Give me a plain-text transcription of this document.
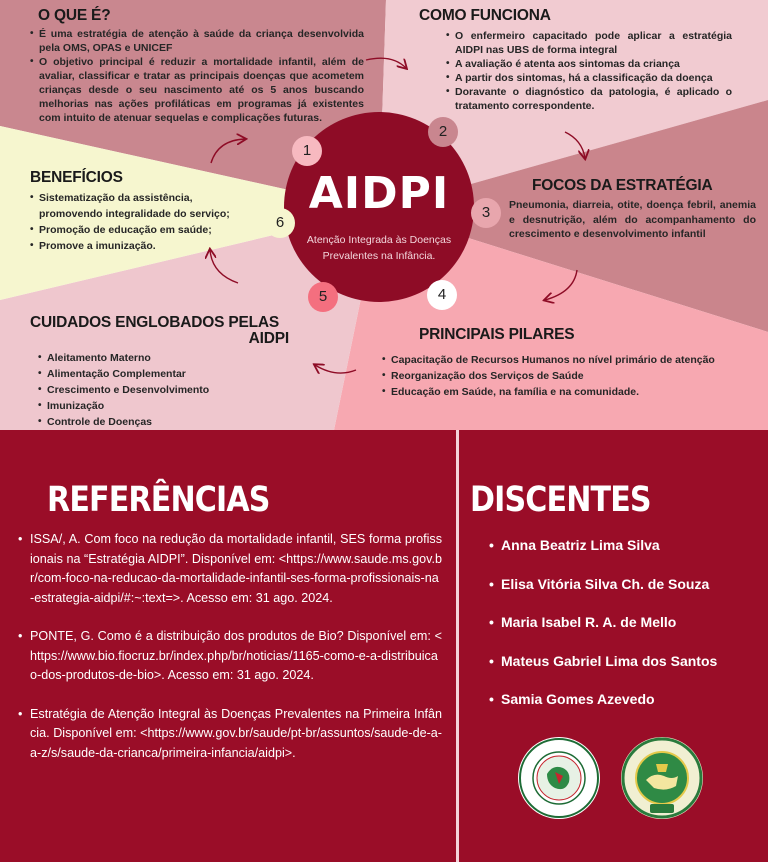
AIDPI
Atenção Integrada às Doenças
Prevalentes na Infância.
1
2
3
4
5
6
O QUE É?
• É uma estratégia de atenção à saúde da criança desenvolvida pela OMS, OPAS e UNICEF
• O objetivo principal é reduzir a mortalidade infantil, além de avaliar, classificar e tratar as principais doenças que acometem crianças desde o seu nascimento até os 5 anos buscando melhorias nas ações profiláticas em programas já existentes com intuito de atenuar sequelas e complicações futuras.
COMO FUNCIONA
• O enfermeiro capacitado pode aplicar a estratégia AIDPI nas UBS de forma integral
• A avaliação é atenta aos sintomas da criança
• A partir dos sintomas, há a classificação da doença
• Doravante o diagnóstico da patologia, é aplicado o tratamento correspondente.
FOCOS DA ESTRATÉGIA

Pneumonia, diarreia, otite, doença febril, anemia e desnutrição, além do acompanhamento do crescimento e desenvolvimento infantil

PRINCIPAIS PILARES
• Capacitação de Recursos Humanos no nível primário de atenção
• Reorganização dos Serviços de Saúde
• Educação em Saúde, na família e na comunidade.
CUIDADOS ENGLOBADOS PELAS
AIDPI
• Aleitamento Materno
• Alimentação Complementar
• Crescimento e Desenvolvimento
• Imunização
• Controle de Doenças
BENEFÍCIOS
• Sistematização da assistência, promovendo integralidade do serviço;
• Promoção de educação em saúde;
• Promove a imunização.
REFERÊNCIAS
• ISSA/, A. Com foco na redução da mortalidade infantil, SES forma profissionais na “Estratégia AIDPI”. Disponível em: <https://www.saude.ms.gov.br/com-foco-na-reducao-da-mortalidade-infantil-ses-forma-profissionais-na-estrategia-aidpi/#:~:text=>. Acesso em: 31 ago. 2024.
• PONTE, G. Como é a distribuição dos produtos de Bio? Disponível em: <https://www.bio.fiocruz.br/index.php/br/noticias/1165-como-e-a-distribuicao-dos-produtos-de-bio>. Acesso em: 31 ago. 2024.
• Estratégia de Atenção Integral às Doenças Prevalentes na Primeira Infância. Disponível em: <https://www.gov.br/saude/pt-br/assuntos/saude-de-a-a-z/s/saude-da-crianca/primeira-infancia/aidpi>.
DISCENTES
• Anna Beatriz Lima Silva
• Elisa Vitória Silva Ch. de Souza
• Maria Isabel R. A. de Mello
• Mateus Gabriel Lima dos Santos
• Samia Gomes Azevedo
